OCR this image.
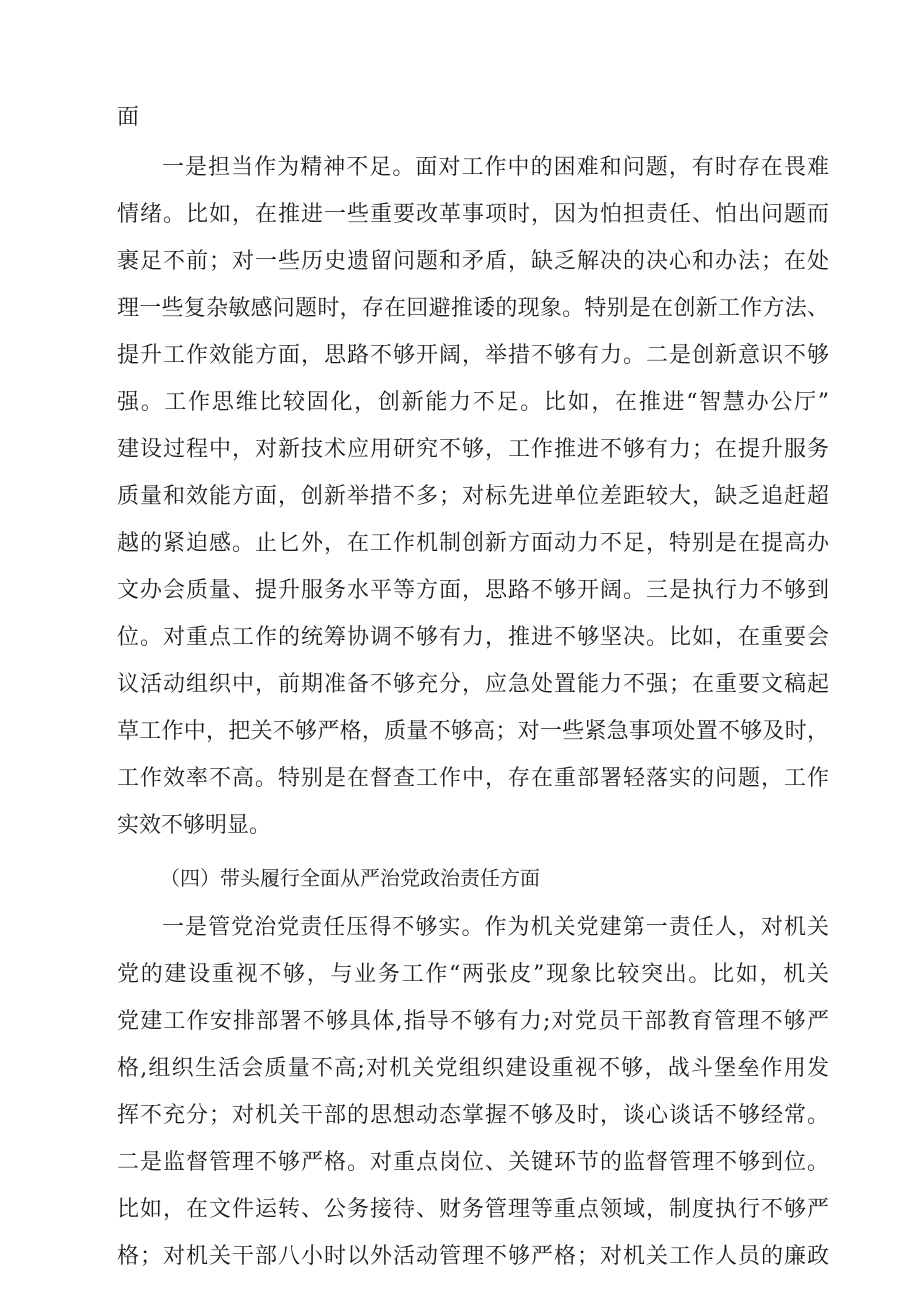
面
一是担当作为精神不足。面对工作中的困难和问题，有时存在畏难
情绪。比如，在推进一些重要改革事项时，因为怕担责任、怕出问题而
裹足不前；对一些历史遗留问题和矛盾，缺乏解决的决心和办法；在处
理一些复杂敏感问题时，存在回避推诿的现象。特别是在创新工作方法、
提升工作效能方面，思路不够开阔，举措不够有力。二是创新意识不够
强。工作思维比较固化，创新能力不足。比如，在推进“智慧办公厅”
建设过程中，对新技术应用研究不够，工作推进不够有力；在提升服务
质量和效能方面，创新举措不多；对标先进单位差距较大，缺乏追赶超
越的紧迫感。止匕外，在工作机制创新方面动力不足，特别是在提高办
文办会质量、提升服务水平等方面，思路不够开阔。三是执行力不够到
位。对重点工作的统筹协调不够有力，推进不够坚决。比如，在重要会
议活动组织中，前期准备不够充分，应急处置能力不强；在重要文稿起
草工作中，把关不够严格，质量不够高；对一些紧急事项处置不够及时，
工作效率不高。特别是在督查工作中，存在重部署轻落实的问题，工作
实效不够明显。
（四）带头履行全面从严治党政治责任方面
一是管党治党责任压得不够实。作为机关党建第一责任人，对机关
党的建设重视不够，与业务工作“两张皮”现象比较突出。比如，机关
党建工作安排部署不够具体,指导不够有力;对党员干部教育管理不够严
格,组织生活会质量不高;对机关党组织建设重视不够，战斗堡垒作用发
挥不充分；对机关干部的思想动态掌握不够及时，谈心谈话不够经常。
二是监督管理不够严格。对重点岗位、关键环节的监督管理不够到位。
比如，在文件运转、公务接待、财务管理等重点领域，制度执行不够严
格；对机关干部八小时以外活动管理不够严格；对机关工作人员的廉政
